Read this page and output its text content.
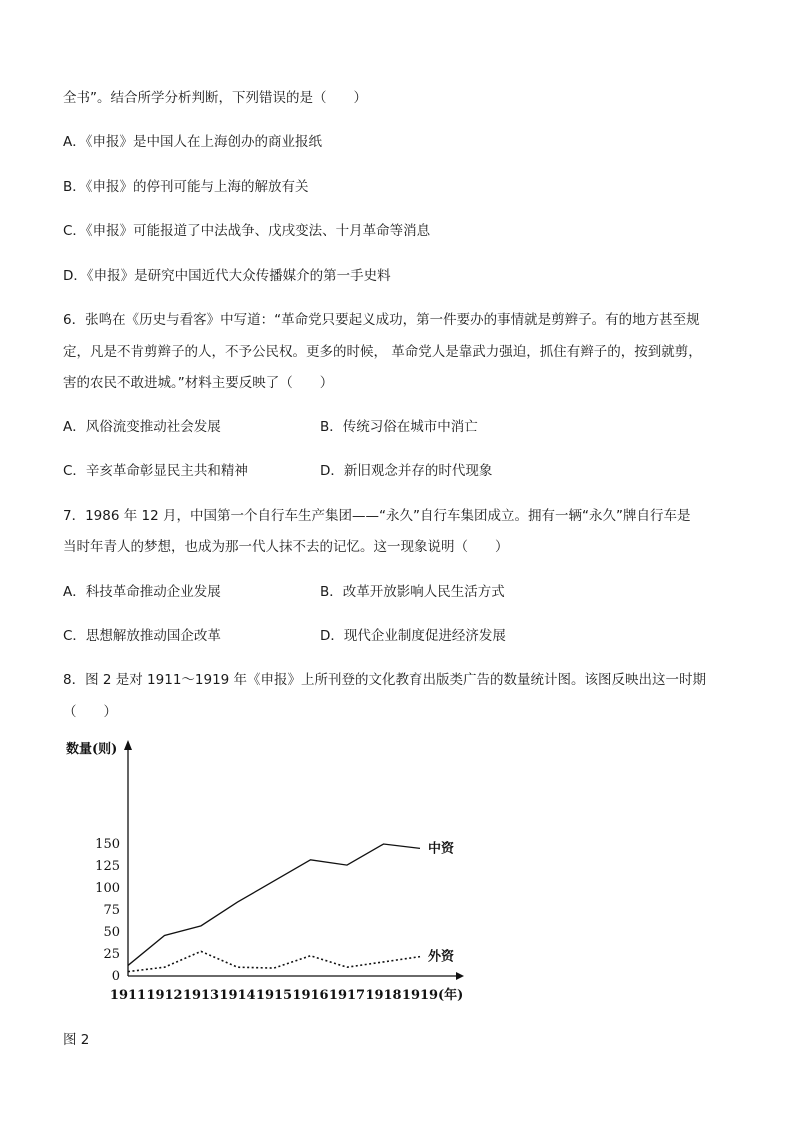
全书”。结合所学分析判断，下列错误的是（　　）
A．《申报》是中国人在上海创办的商业报纸
B．《申报》的停刊可能与上海的解放有关
C．《申报》可能报道了中法战争、戊戌变法、十月革命等消息
D．《申报》是研究中国近代大众传播媒介的第一手史料
6．张鸣在《历史与看客》中写道：“革命党只要起义成功，第一件要办的事情就是剪辫子。有的地方甚至规
定，凡是不肯剪辫子的人，不予公民权。更多的时候， 革命党人是靠武力强迫，抓住有辫子的，按到就剪，
害的农民不敢进城。”材料主要反映了（　　）
A．风俗流变推动社会发展	B．传统习俗在城市中消亡
C．辛亥革命彰显民主共和精神	D．新旧观念并存的时代现象
7．1986 年 12 月，中国第一个自行车生产集团——“永久”自行车集团成立。拥有一辆“永久”牌自行车是
当时年青人的梦想，也成为那一代人抹不去的记忆。这一现象说明（　　）
A．科技革命推动企业发展	B．改革开放影响人民生活方式
C．思想解放推动国企改革	D．现代企业制度促进经济发展
8．图 2 是对 1911～1919 年《申报》上所刊登的文化教育出版类广告的数量统计图。该图反映出这一时期
（　　）
数量(则)
0
25
50
75
100
125
150
1911 1912 1913 1914 1915 1916 1917 1918 1919 (年)
中资
外资
图 2
